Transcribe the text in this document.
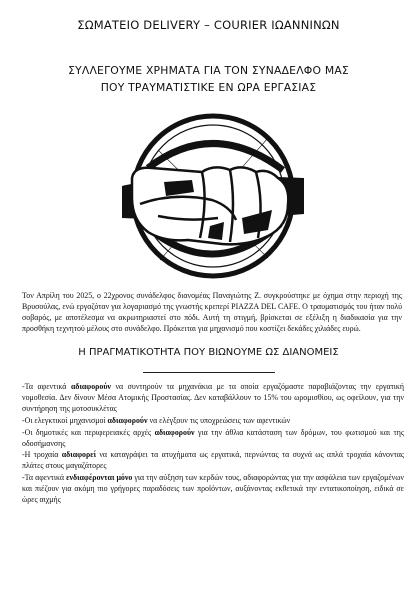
ΣΩΜΑΤΕΙΟ DELIVERY – COURIER ΙΩΑΝΝΙΝΩΝ
ΣΥΛΛΕΓΟΥΜΕ ΧΡΗΜΑΤΑ ΓΙΑ ΤΟΝ ΣΥΝΑΔΕΛΦΟ ΜΑΣ
ΠΟΥ ΤΡΑΥΜΑΤΙΣΤΙΚΕ ΕΝ ΩΡΑ ΕΡΓΑΣΙΑΣ

Τον Απρίλη του 2025, ο 22χρονος συνάδελφος διανομέας Παναγιώτης Ζ. συγκρούστηκε με όχημα στην περιοχή της Βρυσούλας, ενώ εργαζόταν για λογαριασμό της γνωστής κρεπερί PIAZZA DEL CAFE. Ο τραυματισμός του ήταν πολύ σοβαρός, με αποτέλεσμα να ακρωτηριαστεί στο πόδι. Αυτή τη στιγμή, βρίσκεται σε εξέλιξη η διαδικασία για την προσθήκη τεχνητού μέλους στο συνάδελφο. Πρόκειται για μηχανισμό που κοστίζει δεκάδες χιλιάδες ευρώ.

Η ΠΡΑΓΜΑΤΙΚΟΤΗΤΑ ΠΟΥ ΒΙΩΝΟΥΜΕ ΩΣ ΔΙΑΝΟΜΕΙΣ
-Τα αφεντικά αδιαφορούν να συντηρούν τα μηχανάκια με τα οποία εργαζόμαστε παραβιάζοντας την εργατική νομοθεσία. Δεν δίνουν Μέσα Ατομικής Προστασίας. Δεν καταβάλλουν το 15% του ωρομισθίου, ως οφείλουν, για την συντήρηση της μοτοσυκλέτας
-Οι ελεγκτικοί μηχανισμοί αδιαφορούν να ελέγξουν τις υποχρεώσεις των αφεντικών
-Οι δημοτικές και περιφερειακές αρχές αδιαφορούν για την άθλια κατάσταση των δρόμων, του φωτισμού και της οδοσήμανσης
-Η τροχαία αδιαφορεί να καταγράψει τα ατυχήματα ως εργατικά, περνώντας τα συχνά ως απλά τροχαία κάνοντας πλάτες στους μαγαζάτορες
-Τα αφεντικά ενδιαφέρονται μόνο για την αύξηση των κερδών τους, αδιαφορώντας για την ασφάλεια των εργαζομένων και πιέζουν για ακόμη πιο γρήγορες παραδόσεις των προϊόντων, αυξάνοντας εκθετικά την εντατικοποίηση, ειδικά σε ώρες αιχμής
